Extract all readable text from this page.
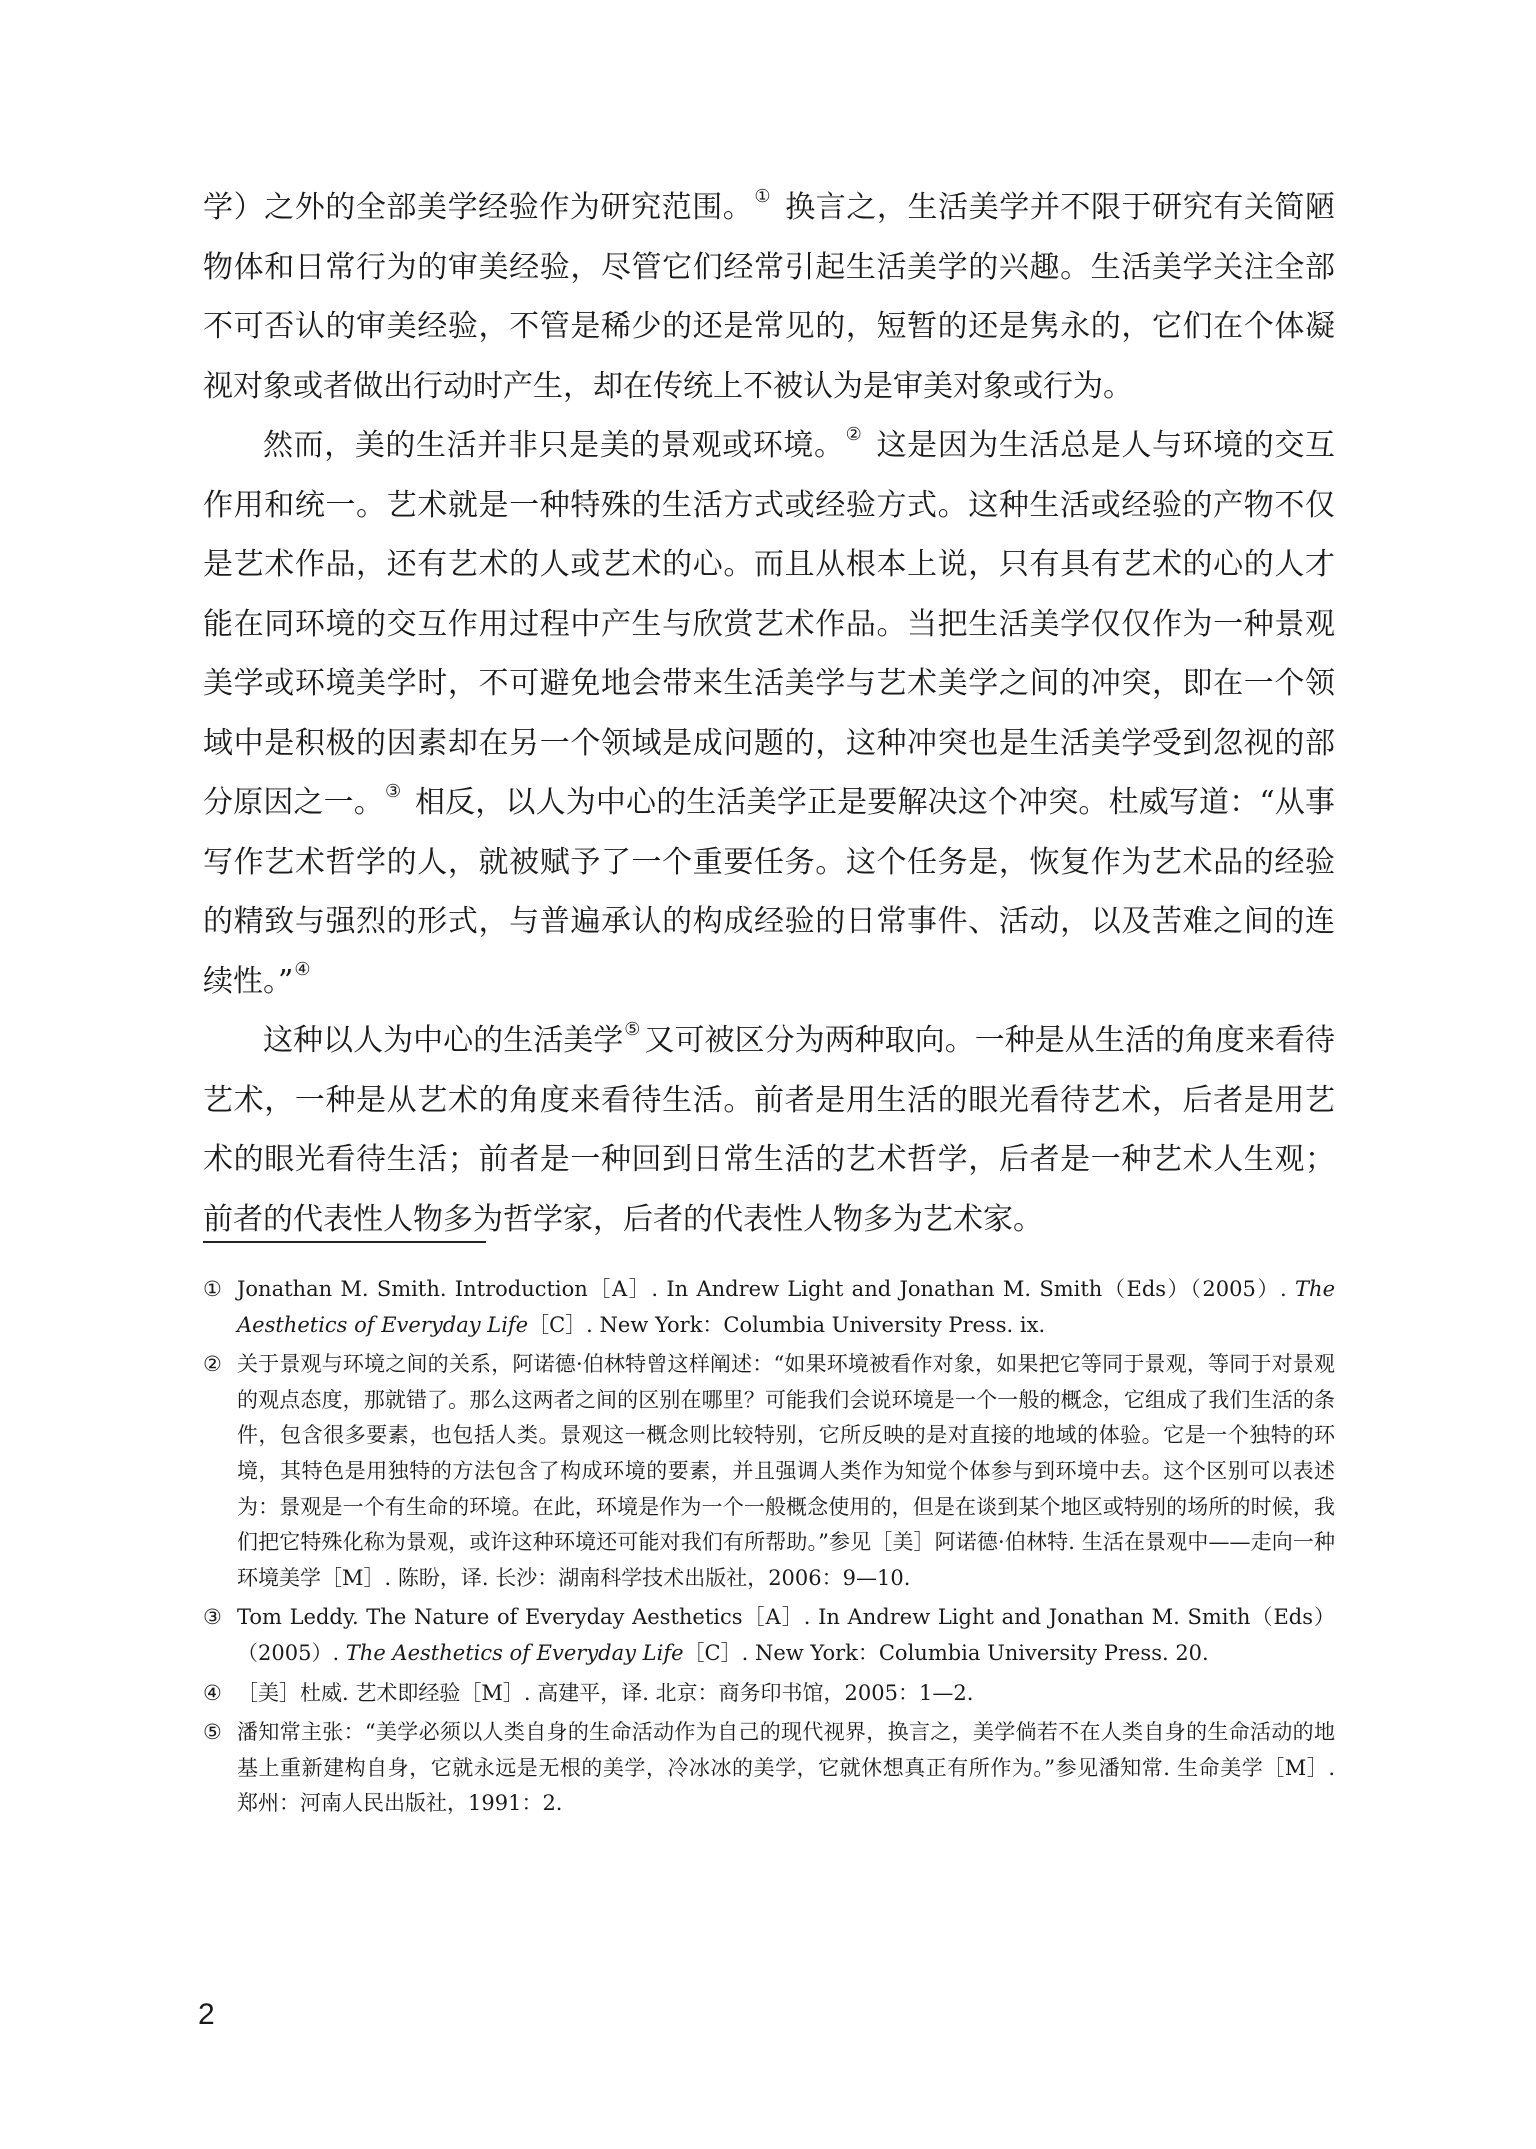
学）之外的全部美学经验作为研究范围。① 换言之，生活美学并不限于研究有关简陋物体和日常行为的审美经验，尽管它们经常引起生活美学的兴趣。生活美学关注全部不可否认的审美经验，不管是稀少的还是常见的，短暂的还是隽永的，它们在个体凝视对象或者做出行动时产生，却在传统上不被认为是审美对象或行为。

然而，美的生活并非只是美的景观或环境。② 这是因为生活总是人与环境的交互作用和统一。艺术就是一种特殊的生活方式或经验方式。这种生活或经验的产物不仅是艺术作品，还有艺术的人或艺术的心。而且从根本上说，只有具有艺术的心的人才能在同环境的交互作用过程中产生与欣赏艺术作品。当把生活美学仅仅作为一种景观美学或环境美学时，不可避免地会带来生活美学与艺术美学之间的冲突，即在一个领域中是积极的因素却在另一个领域是成问题的，这种冲突也是生活美学受到忽视的部分原因之一。③ 相反，以人为中心的生活美学正是要解决这个冲突。杜威写道：“从事写作艺术哲学的人，就被赋予了一个重要任务。这个任务是，恢复作为艺术品的经验的精致与强烈的形式，与普遍承认的构成经验的日常事件、活动，以及苦难之间的连续性。”④

这种以人为中心的生活美学⑤ 又可被区分为两种取向。一种是从生活的角度来看待艺术，一种是从艺术的角度来看待生活。前者是用生活的眼光看待艺术，后者是用艺术的眼光看待生活；前者是一种回到日常生活的艺术哲学，后者是一种艺术人生观；前者的代表性人物多为哲学家，后者的代表性人物多为艺术家。

① Jonathan M. Smith. Introduction［A］. In Andrew Light and Jonathan M. Smith（Eds）（2005）. The Aesthetics of Everyday Life［C］. New York：Columbia University Press. ix.
② 关于景观与环境之间的关系，阿诺德·伯林特曾这样阐述：“如果环境被看作对象，如果把它等同于景观，等同于对景观的观点态度，那就错了。那么这两者之间的区别在哪里？可能我们会说环境是一个一般的概念，它组成了我们生活的条件，包含很多要素，也包括人类。景观这一概念则比较特别，它所反映的是对直接的地域的体验。它是一个独特的环境，其特色是用独特的方法包含了构成环境的要素，并且强调人类作为知觉个体参与到环境中去。这个区别可以表述为：景观是一个有生命的环境。在此，环境是作为一个一般概念使用的，但是在谈到某个地区或特别的场所的时候，我们把它特殊化称为景观，或许这种环境还可能对我们有所帮助。”参见［美］阿诺德·伯林特. 生活在景观中——走向一种环境美学［M］. 陈盼，译. 长沙：湖南科学技术出版社，2006：9—10.
③ Tom Leddy. The Nature of Everyday Aesthetics［A］. In Andrew Light and Jonathan M. Smith（Eds）（2005）. The Aesthetics of Everyday Life［C］. New York：Columbia University Press. 20.
④ ［美］杜威. 艺术即经验［M］. 高建平，译. 北京：商务印书馆，2005：1—2.
⑤ 潘知常主张：“美学必须以人类自身的生命活动作为自己的现代视界，换言之，美学倘若不在人类自身的生命活动的地基上重新建构自身，它就永远是无根的美学，冷冰冰的美学，它就休想真正有所作为。”参见潘知常. 生命美学［M］. 郑州：河南人民出版社，1991：2.
2
